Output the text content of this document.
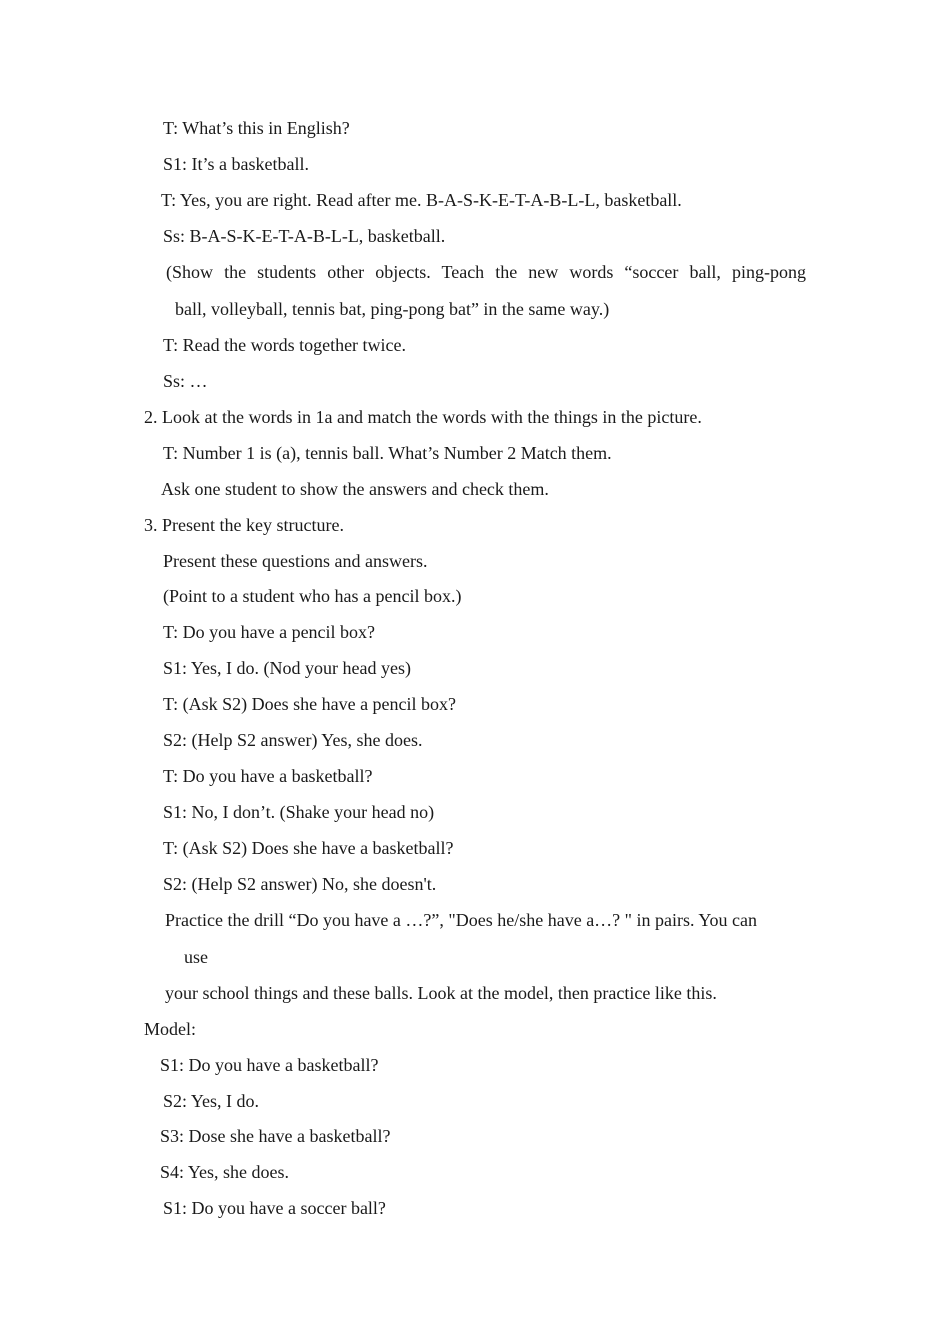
T: What’s this in English?
S1: It’s a basketball.
T: Yes, you are right. Read after me. B-A-S-K-E-T-A-B-L-L, basketball.
Ss: B-A-S-K-E-T-A-B-L-L, basketball.
(Show the students other objects. Teach the new words “soccer ball, ping-pong
ball, volleyball, tennis bat, ping-pong bat” in the same way.)
T: Read the words together twice.
Ss: …
2. Look at the words in 1a and match the words with the things in the picture.
T: Number 1 is (a), tennis ball. What’s Number 2 Match them.
Ask one student to show the answers and check them.
3. Present the key structure.
Present these questions and answers.
(Point to a student who has a pencil box.)
T: Do you have a pencil box?
S1: Yes, I do. (Nod your head yes)
T: (Ask S2) Does she have a pencil box?
S2: (Help S2 answer) Yes, she does.
T: Do you have a basketball?
S1: No, I don’t. (Shake your head no)
T: (Ask S2) Does she have a basketball?
S2: (Help S2 answer) No, she doesn't.
Practice the drill “Do you have a …?”, "Does he/she have a…? " in pairs. You can
use
your school things and these balls. Look at the model, then practice like this.
Model:
S1: Do you have a basketball?
S2: Yes, I do.
S3: Dose she have a basketball?
S4: Yes, she does.
S1: Do you have a soccer ball?
